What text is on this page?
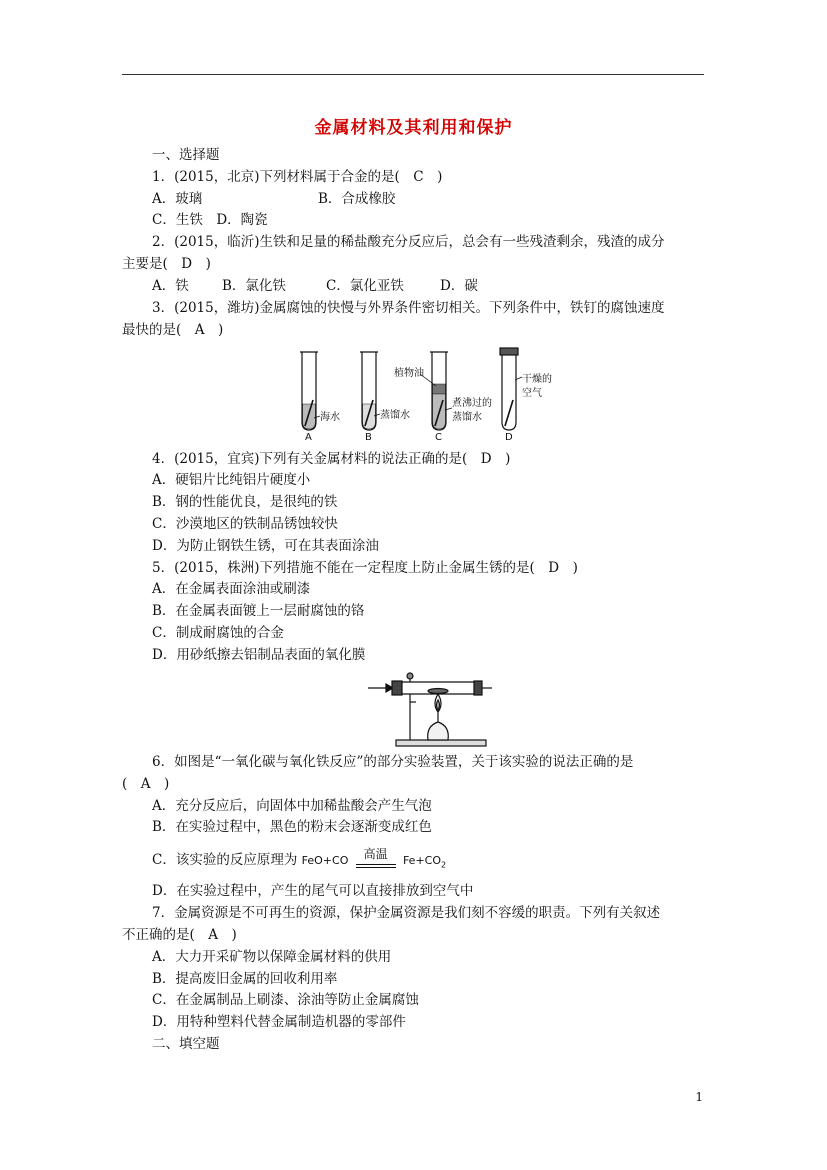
金属材料及其利用和保护
一、选择题
1．(2015，北京)下列材料属于合金的是(　C　)
A．玻璃	B．合成橡胶
C．生铁　D．陶瓷
2．(2015，临沂)生铁和足量的稀盐酸充分反应后，总会有一些残渣剩余，残渣的成分
主要是(　D　)
A．铁 B．氯化铁	C．氯化亚铁	D．碳
3．(2015，潍坊)金属腐蚀的快慢与外界条件密切相关。下列条件中，铁钉的腐蚀速度
最快的是(　A　)
海水	蒸馏水
植物油
煮沸过的
蒸馏水
干燥的
空气
A	B	C	D
4．(2015，宜宾)下列有关金属材料的说法正确的是(　D　)
A．硬铝片比纯铝片硬度小
B．钢的性能优良，是很纯的铁
C．沙漠地区的铁制品锈蚀较快
D．为防止钢铁生锈，可在其表面涂油
5．(2015，株洲)下列措施不能在一定程度上防止金属生锈的是(　D　)
A．在金属表面涂油或刷漆
B．在金属表面镀上一层耐腐蚀的铬
C．制成耐腐蚀的合金
D．用砂纸擦去铝制品表面的氧化膜
6．如图是“一氧化碳与氧化铁反应”的部分实验装置，关于该实验的说法正确的是
(　A　)
A．充分反应后，向固体中加稀盐酸会产生气泡
B．在实验过程中，黑色的粉末会逐渐变成红色
C．该实验的反应原理为 FeO+CO	高温	$Fe+CO_2$
D．在实验过程中，产生的尾气可以直接排放到空气中
7．金属资源是不可再生的资源，保护金属资源是我们刻不容缓的职责。下列有关叙述
不正确的是(　A　)
A．大力开采矿物以保障金属材料的供用
B．提高废旧金属的回收利用率
C．在金属制品上刷漆、涂油等防止金属腐蚀
D．用特种塑料代替金属制造机器的零部件
二、填空题
1
